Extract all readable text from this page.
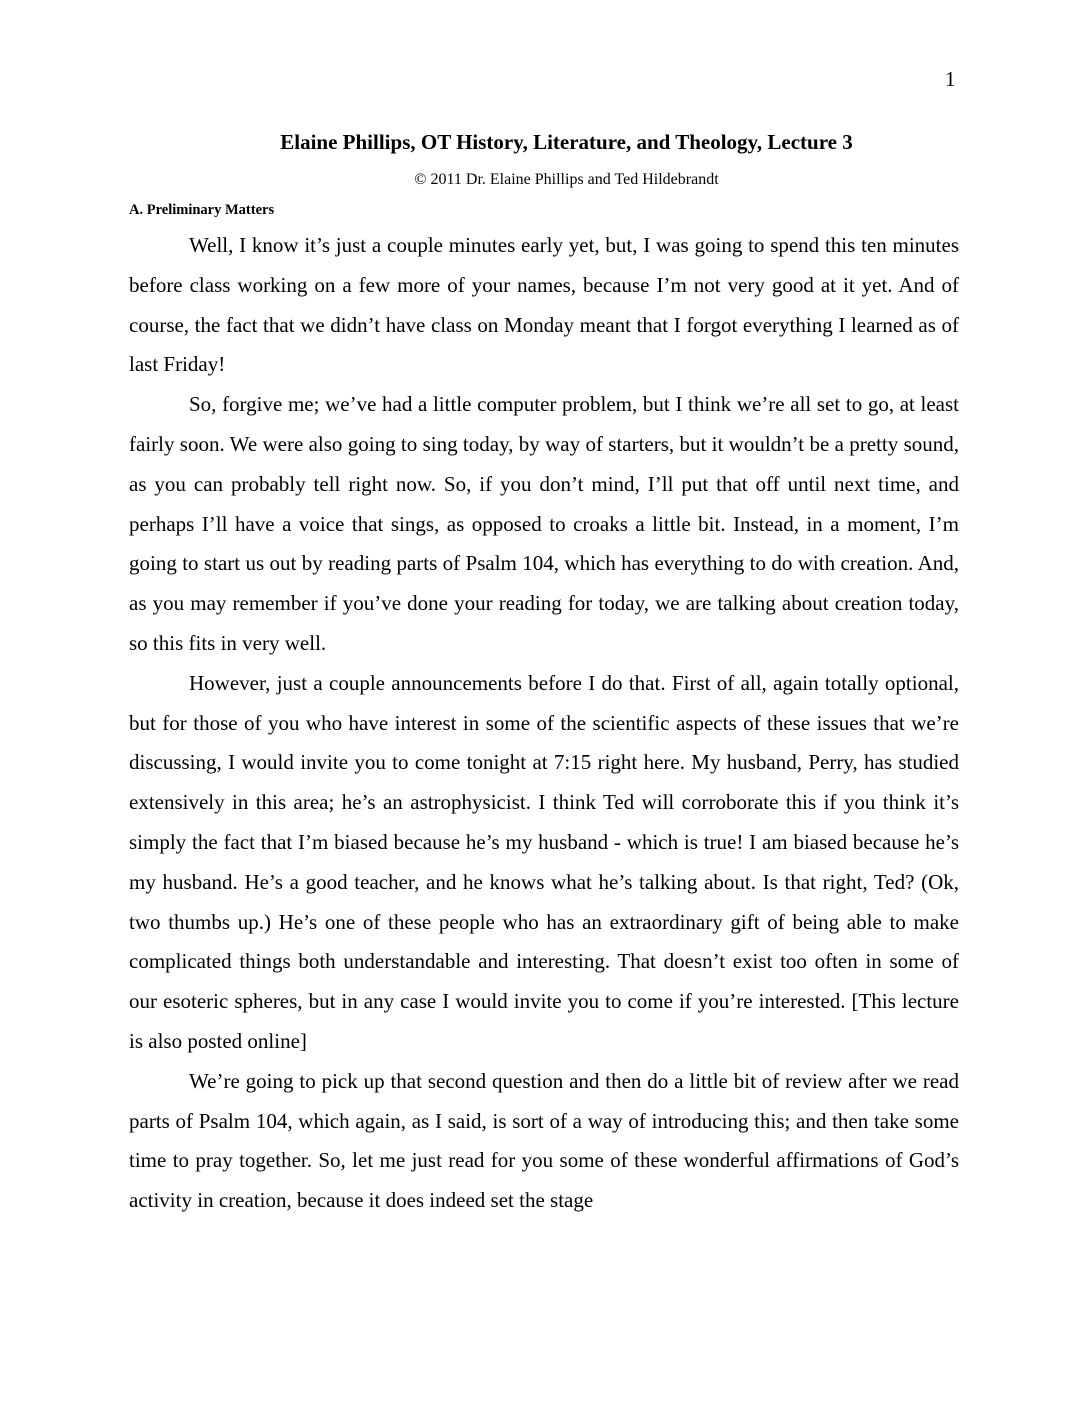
1
Elaine Phillips, OT History, Literature, and Theology, Lecture 3
© 2011 Dr. Elaine Phillips and Ted Hildebrandt
A. Preliminary Matters

Well, I know it’s just a couple minutes early yet, but, I was going to spend this ten minutes before class working on a few more of your names, because I’m not very good at it yet. And of course, the fact that we didn’t have class on Monday meant that I forgot everything I learned as of last Friday!

So, forgive me; we’ve had a little computer problem, but I think we’re all set to go, at least fairly soon. We were also going to sing today, by way of starters, but it wouldn’t be a pretty sound, as you can probably tell right now. So, if you don’t mind, I’ll put that off until next time, and perhaps I’ll have a voice that sings, as opposed to croaks a little bit. Instead, in a moment, I’m going to start us out by reading parts of Psalm 104, which has everything to do with creation. And, as you may remember if you’ve done your reading for today, we are talking about creation today, so this fits in very well.

However, just a couple announcements before I do that. First of all, again totally optional, but for those of you who have interest in some of the scientific aspects of these issues that we’re discussing, I would invite you to come tonight at 7:15 right here. My husband, Perry, has studied extensively in this area; he’s an astrophysicist. I think Ted will corroborate this if you think it’s simply the fact that I’m biased because he’s my husband - which is true! I am biased because he’s my husband. He’s a good teacher, and he knows what he’s talking about. Is that right, Ted? (Ok, two thumbs up.) He’s one of these people who has an extraordinary gift of being able to make complicated things both understandable and interesting. That doesn’t exist too often in some of our esoteric spheres, but in any case I would invite you to come if you’re interested. [This lecture is also posted online]

We’re going to pick up that second question and then do a little bit of review after we read parts of Psalm 104, which again, as I said, is sort of a way of introducing this; and then take some time to pray together. So, let me just read for you some of these wonderful affirmations of God’s activity in creation, because it does indeed set the stage
